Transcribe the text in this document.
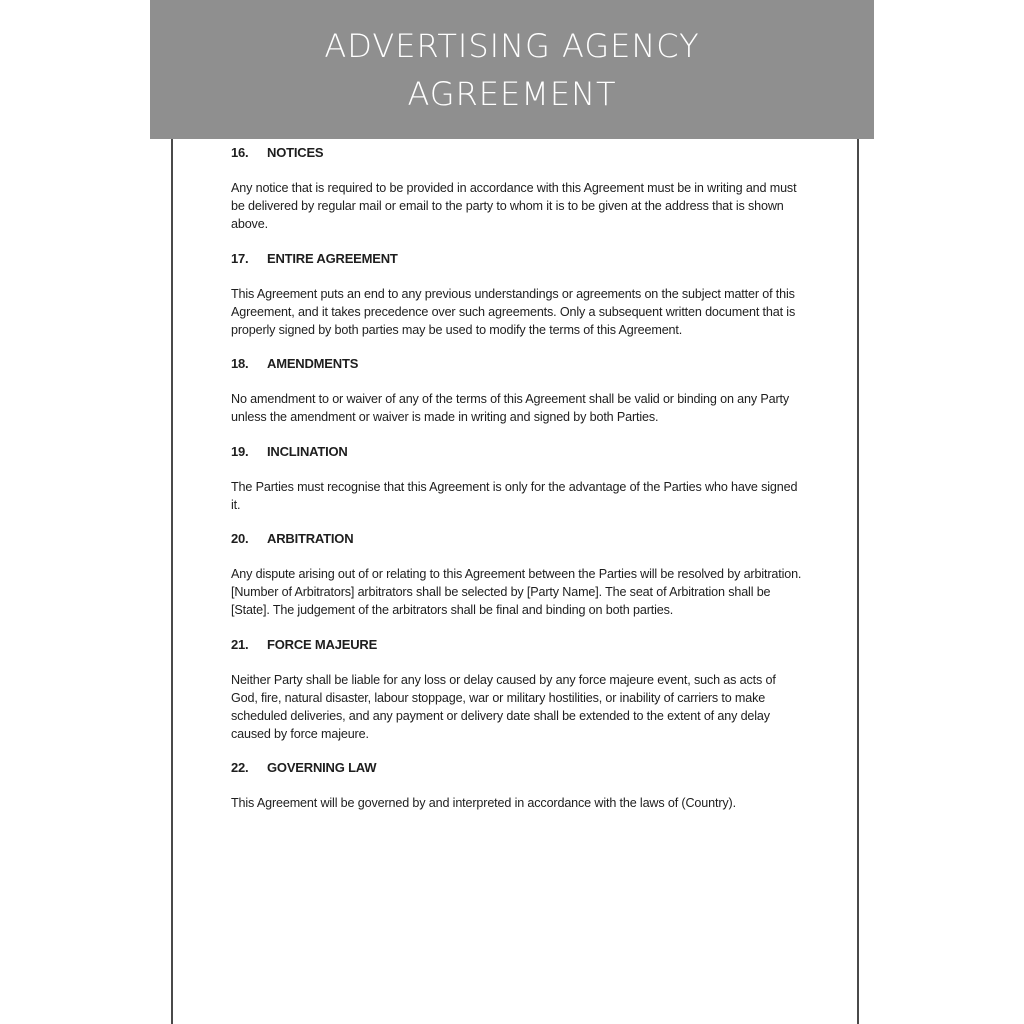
ADVERTISING AGENCY
AGREEMENT
16.	NOTICES

Any notice that is required to be provided in accordance with this Agreement must be in writing and must be delivered by regular mail or email to the party to whom it is to be given at the address that is shown above.

17.	ENTIRE AGREEMENT

This Agreement puts an end to any previous understandings or agreements on the subject matter of this Agreement, and it takes precedence over such agreements. Only a subsequent written document that is properly signed by both parties may be used to modify the terms of this Agreement.

18.	AMENDMENTS

No amendment to or waiver of any of the terms of this Agreement shall be valid or binding on any Party unless the amendment or waiver is made in writing and signed by both Parties.

19.	INCLINATION

The Parties must recognise that this Agreement is only for the advantage of the Parties who have signed it.

20.	ARBITRATION

Any dispute arising out of or relating to this Agreement between the Parties will be resolved by arbitration. [Number of Arbitrators] arbitrators shall be selected by [Party Name]. The seat of Arbitration shall be [State]. The judgement of the arbitrators shall be final and binding on both parties.

21.	FORCE MAJEURE

Neither Party shall be liable for any loss or delay caused by any force majeure event, such as acts of God, fire, natural disaster, labour stoppage, war or military hostilities, or inability of carriers to make scheduled deliveries, and any payment or delivery date shall be extended to the extent of any delay caused by force majeure.

22.	GOVERNING LAW

This Agreement will be governed by and interpreted in accordance with the laws of (Country).
